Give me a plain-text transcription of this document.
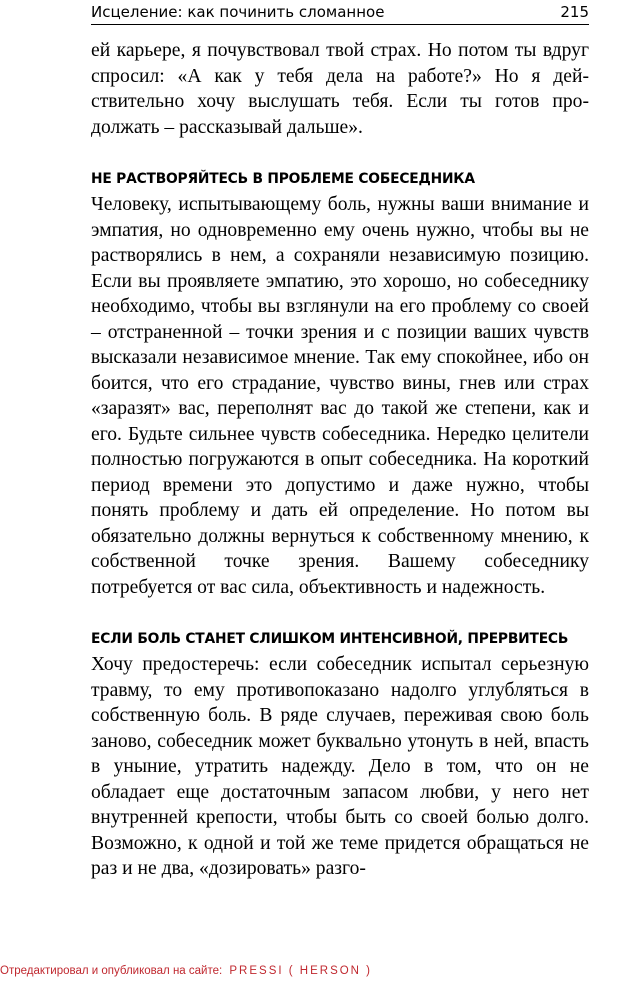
Исцеление: как починить сломанное	215

ей карьере, я почувствовал твой страх. Но потом ты вдруг спросил: «А как у тебя дела на работе?» Но я действительно хочу выслушать тебя. Если ты готов продолжать – рассказывай дальше».

НЕ РАСТВОРЯЙТЕСЬ В ПРОБЛЕМЕ СОБЕСЕДНИКА

Человеку, испытывающему боль, нужны ваши внимание и эмпатия, но одновременно ему очень нужно, чтобы вы не растворялись в нем, а сохраняли независимую позицию. Если вы проявляете эмпатию, это хорошо, но собеседнику необходимо, чтобы вы взглянули на его проблему со своей – отстраненной – точки зрения и с позиции ваших чувств высказали независимое мнение. Так ему спокойнее, ибо он боится, что его страдание, чувство вины, гнев или страх «заразят» вас, переполнят вас до такой же степени, как и его. Будьте сильнее чувств собеседника. Нередко целители полностью погружаются в опыт собеседника. На короткий период времени это допустимо и даже нужно, чтобы понять проблему и дать ей определение. Но потом вы обязательно должны вернуться к собственному мнению, к собственной точке зрения. Вашему собеседнику потребуется от вас сила, объективность и надежность.

ЕСЛИ БОЛЬ СТАНЕТ СЛИШКОМ ИНТЕНСИВНОЙ, ПРЕРВИТЕСЬ

Хочу предостеречь: если собеседник испытал серьезную травму, то ему противопоказано надолго углубляться в собственную боль. В ряде случаев, переживая свою боль заново, собеседник может буквально утонуть в ней, впасть в уныние, утратить надежду. Дело в том, что он не обладает еще достаточным запасом любви, у него нет внутренней крепости, чтобы быть со своей болью долго. Возможно, к одной и той же теме придется обращаться не раз и не два, «дозировать» разго-

Отредактировал и опубликовал на сайте: PRESSI ( HERSON )
